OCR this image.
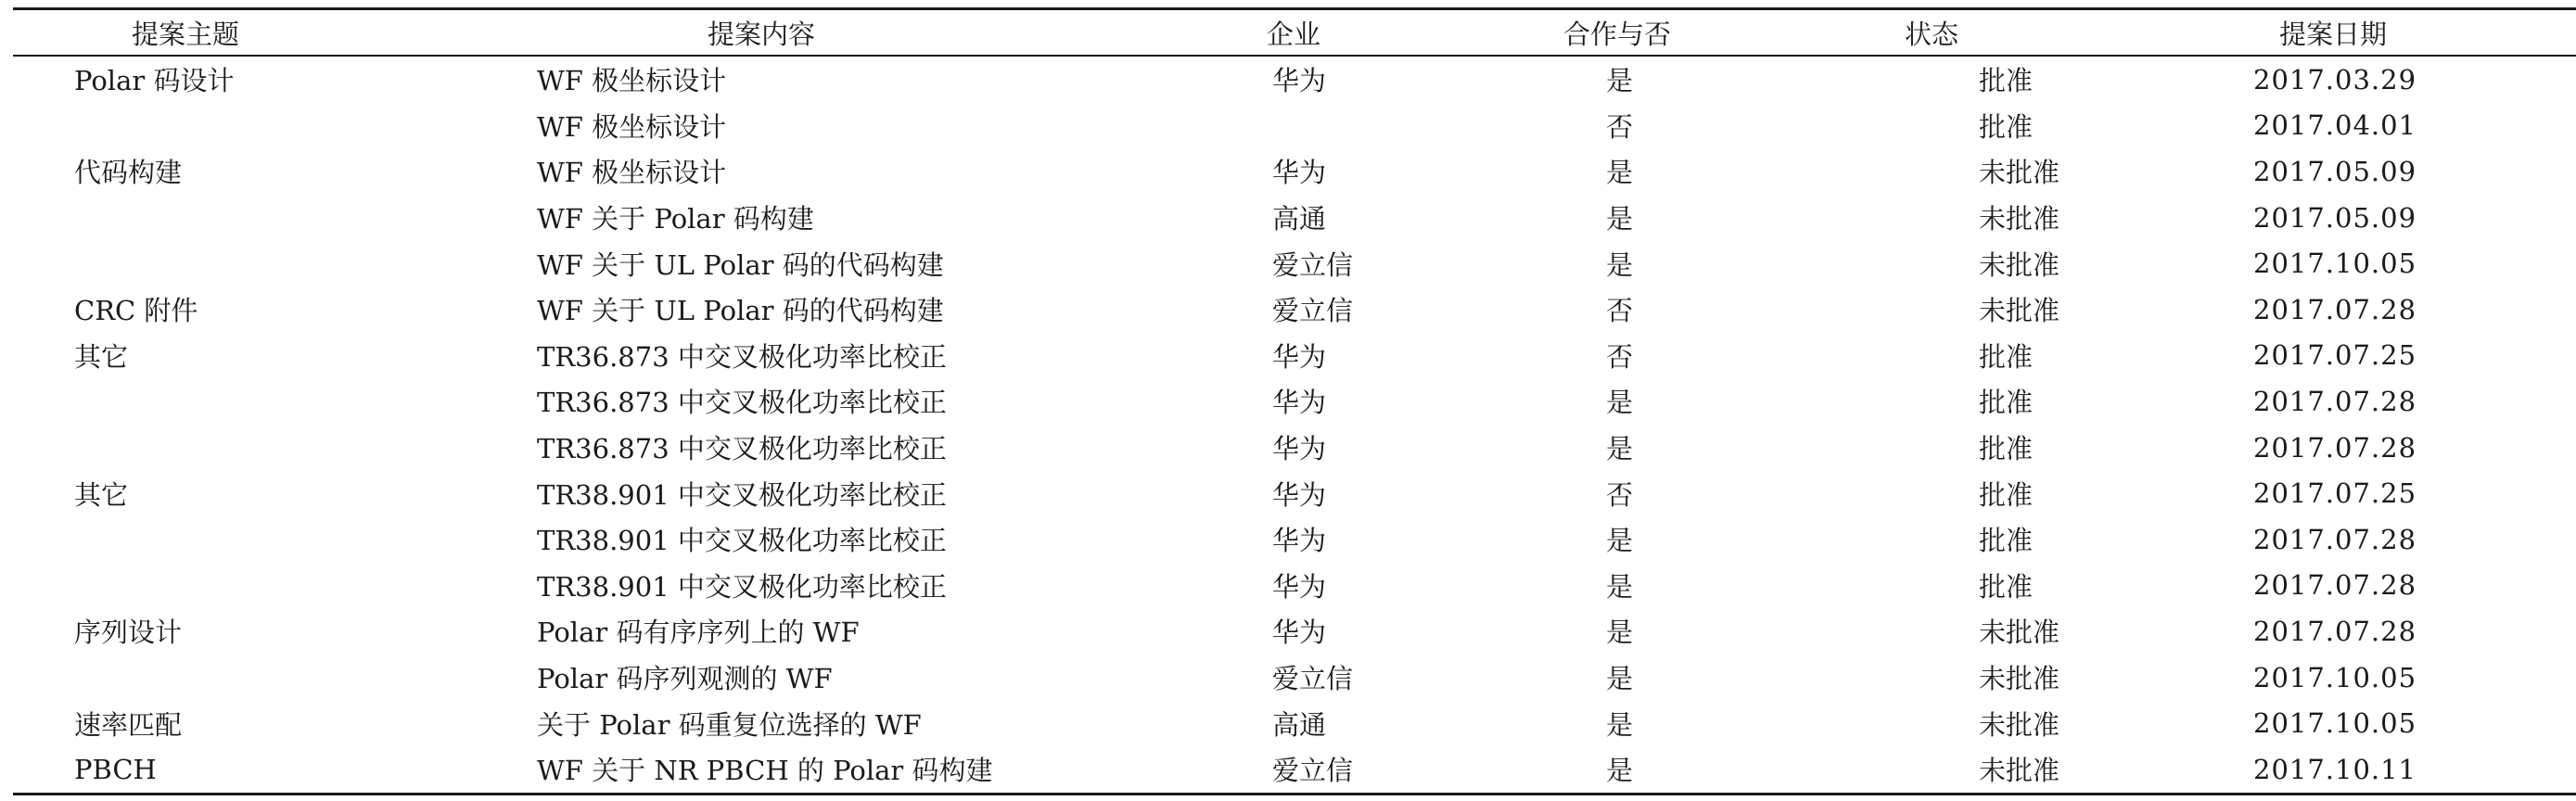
提案主题	提案内容	企业	合作与否	状态	提案日期
Polar 码设计	WF 极坐标设计	华为	是	批准	2017.03.29
	WF 极坐标设计		否	批准	2017.04.01
代码构建	WF 极坐标设计	华为	是	未批准	2017.05.09
	WF 关于 Polar 码构建	高通	是	未批准	2017.05.09
	WF 关于 UL Polar 码的代码构建	爱立信	是	未批准	2017.10.05
CRC 附件	WF 关于 UL Polar 码的代码构建	爱立信	否	未批准	2017.07.28
其它	TR36.873 中交叉极化功率比校正	华为	否	批准	2017.07.25
	TR36.873 中交叉极化功率比校正	华为	是	批准	2017.07.28
	TR36.873 中交叉极化功率比校正	华为	是	批准	2017.07.28
其它	TR38.901 中交叉极化功率比校正	华为	否	批准	2017.07.25
	TR38.901 中交叉极化功率比校正	华为	是	批准	2017.07.28
	TR38.901 中交叉极化功率比校正	华为	是	批准	2017.07.28
序列设计	Polar 码有序序列上的 WF	华为	是	未批准	2017.07.28
	Polar 码序列观测的 WF	爱立信	是	未批准	2017.10.05
速率匹配	关于 Polar 码重复位选择的 WF	高通	是	未批准	2017.10.05
PBCH	WF 关于 NR PBCH 的 Polar 码构建	爱立信	是	未批准	2017.10.11
